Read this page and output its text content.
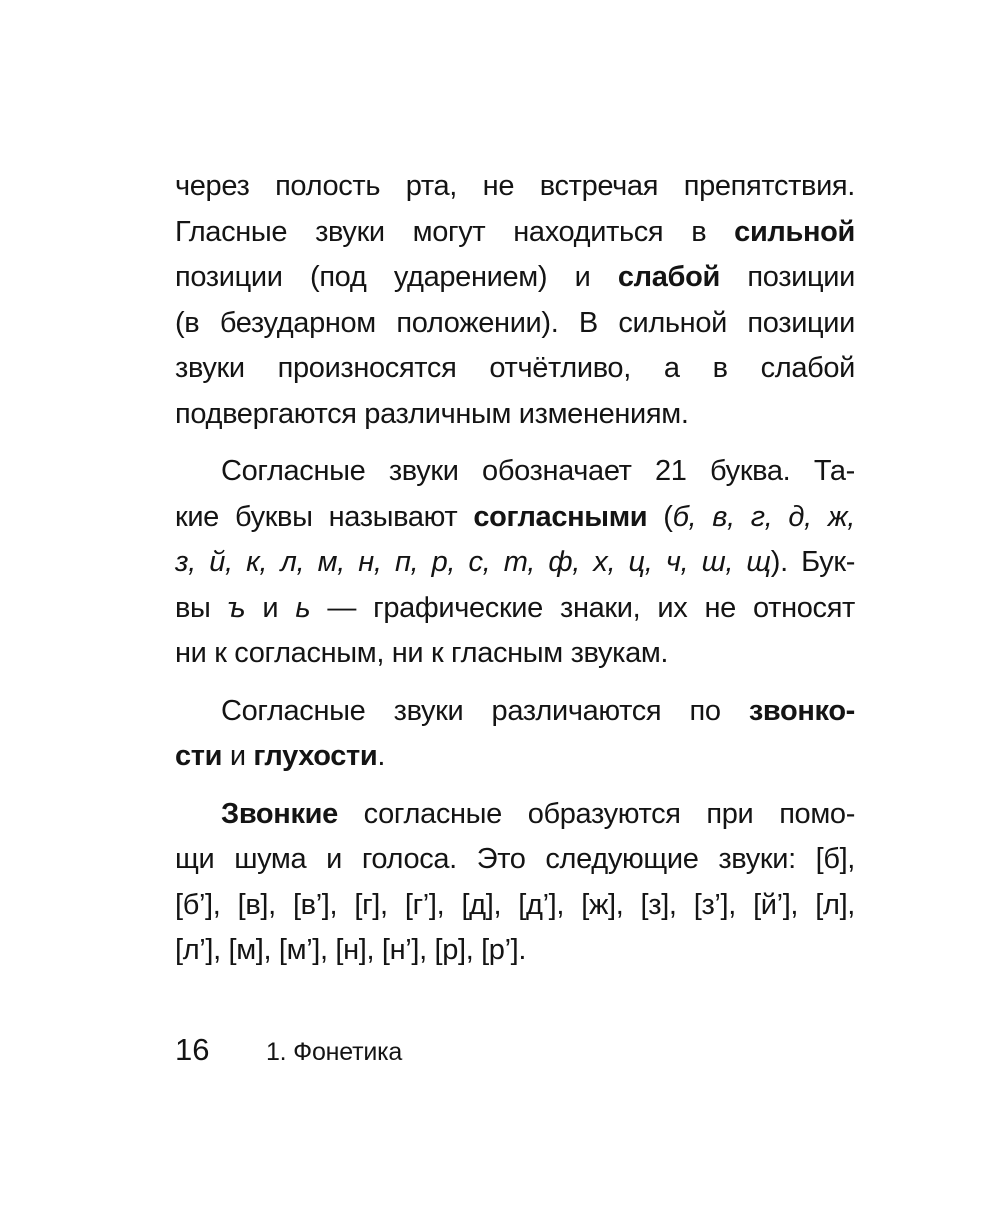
через полость рта, не встречая препятствия.
Гласные звуки могут находиться в сильной
позиции (под ударением) и слабой позиции
(в безударном положении). В сильной позиции
звуки произносятся отчётливо, а в слабой
подвергаются различным изменениям.
Согласные звуки обозначает 21 буква. Та-
кие буквы называют согласными (б, в, г, д, ж,
з, й, к, л, м, н, п, р, с, т, ф, х, ц, ч, ш, щ). Бук-
вы ъ и ь — графические знаки, их не относят
ни к согласным, ни к гласным звукам.
Согласные звуки различаются по звонко-
сти и глухости.
Звонкие согласные образуются при помо-
щи шума и голоса. Это следующие звуки: [б],
[б’], [в], [в’], [г], [г’], [д], [д’], [ж], [з], [з’], [й’], [л],
[л’], [м], [м’], [н], [н’], [р], [р’].
16 1. Фонетика
